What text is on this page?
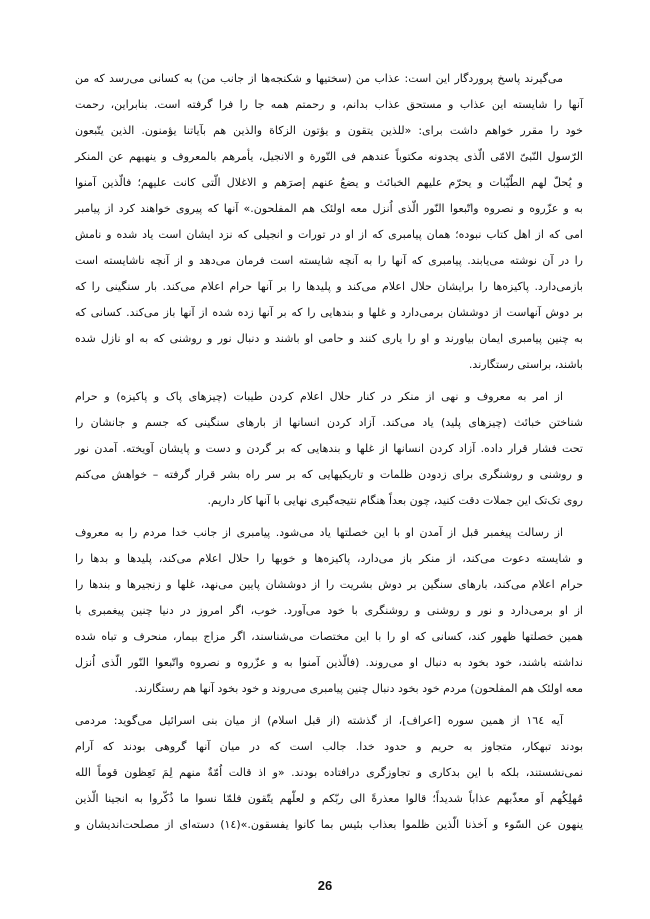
می‌گیرند پاسخ پروردگار این است: عذاب من (سختیها و شکنجه‌ها از جانب من) به کسانی می‌رسد که من
آنها را شایسته این عذاب و مستحق عذاب بدانم، و رحمتم همه جا را فرا گرفته است. بنابراین، رحمت
خود را مقرر خواهم داشت برای: «للذین یتقون و یؤتون الزکاة والذین هم بآیاتنا یؤمنون. الذین یتّبعون
الرّسول النّبیّ الامّی الّذی یجدونه مکتوباً عندهم فی التّورة و الانجیل، یأمرهم بالمعروف و ینهیهم عن المنکر
و یُحلّ لهم الطّیّبات و یحرّم علیهم الخبائث و یضعُ عنهم إصرَهم و الاغلال الّتی کانت علیهم؛ فالّذین آمنوا
به و عزّروه و نصروه واتّبعوا النّور الّذی اُنزل معه اولئک هم المفلحون.» آنها که پیروی خواهند کرد از پیامبر
امی که از اهل کتاب نبوده؛ همان پیامبری که از او در تورات و انجیلی که نزد ایشان است یاد شده و نامش
را در آن نوشته می‌یابند. پیامبری که آنها را به آنچه شایسته است فرمان می‌دهد و از آنچه ناشایسته است
بازمی‌دارد. پاکیزه‌ها را برایشان حلال اعلام می‌کند و پلیدها را بر آنها حرام اعلام می‌کند. بار سنگینی را که
بر دوش آنهاست از دوششان برمی‌دارد و غلها و بندهایی را که بر آنها زده شده از آنها باز می‌کند. کسانی که
به چنین پیامبری ایمان بیاورند و او را یاری کنند و حامی او باشند و دنبال نور و روشنی که به او نازل شده
باشند، براستی رستگارند.
از امر به معروف و نهی از منکر در کنار حلال اعلام کردن طیبات (چیزهای پاک و پاکیزه) و حرام
شناختن خبائث (چیزهای پلید) یاد می‌کند. آزاد کردن انسانها از بارهای سنگینی که جسم و جانشان را
تحت فشار قرار داده. آزاد کردن انسانها از غلها و بندهایی که بر گردن و دست و پایشان آویخته. آمدن نور
و روشنی و روشنگری برای زدودن ظلمات و تاریکیهایی که بر سر راه بشر قرار گرفته – خواهش می‌کنم
روی تک‌تک این جملات دقت کنید، چون بعداً هنگام نتیجه‌گیری نهایی با آنها کار داریم.
از رسالت پیغمبر قبل از آمدن او با این خصلتها یاد می‌شود. پیامبری از جانب خدا مردم را به معروف
و شایسته دعوت می‌کند، از منکر باز می‌دارد، پاکیزه‌ها و خوبها را حلال اعلام می‌کند، پلیدها و بدها را
حرام اعلام می‌کند، بارهای سنگین بر دوش بشریت را از دوششان پایین می‌نهد، غلها و زنجیرها و بندها را
از او برمی‌دارد و نور و روشنی و روشنگری با خود می‌آورد. خوب، اگر امروز در دنیا چنین پیغمبری با
همین خصلتها ظهور کند، کسانی که او را با این مختصات می‌شناسند، اگر مزاج بیمار، منحرف و تباه شده
نداشته باشند، خود بخود به دنبال او می‌روند. (فالّذین آمنوا به و عزّروه و نصروه واتّبعوا النّور الّذی اُنزل
معه اولئک هم المفلحون) مردم خود بخود دنبال چنین پیامبری می‌روند و خود بخود آنها هم رستگارند.
آیه ۱٦٤ از همین سوره [اعراف]، از گذشته (از قبل اسلام) از میان بنی اسرائیل می‌گوید: مردمی
بودند تبهکار، متجاوز به حریم و حدود خدا. جالب است که در میان آنها گروهی بودند که آرام
نمی‌نشستند، بلکه با این بدکاری و تجاوزگری درافتاده بودند. «و اذ قالت اُمّةٌ منهم لِمَ تَعِظون قوماً الله
مُهلِکُهم اَو معذّبهم عذاباً شدیداً؛ قالوا معذرةً الی ربّکم و لعلّهم یتّقون فلمّا نسوا ما ذُکّروا به انجینا الّذین
ینهون عن السّوء و اَخذنا الّذین ظلموا بعذاب بئیس بما کانوا یفسقون.»(۱٤) دسته‌ای از مصلحت‌اندیشان و
26
